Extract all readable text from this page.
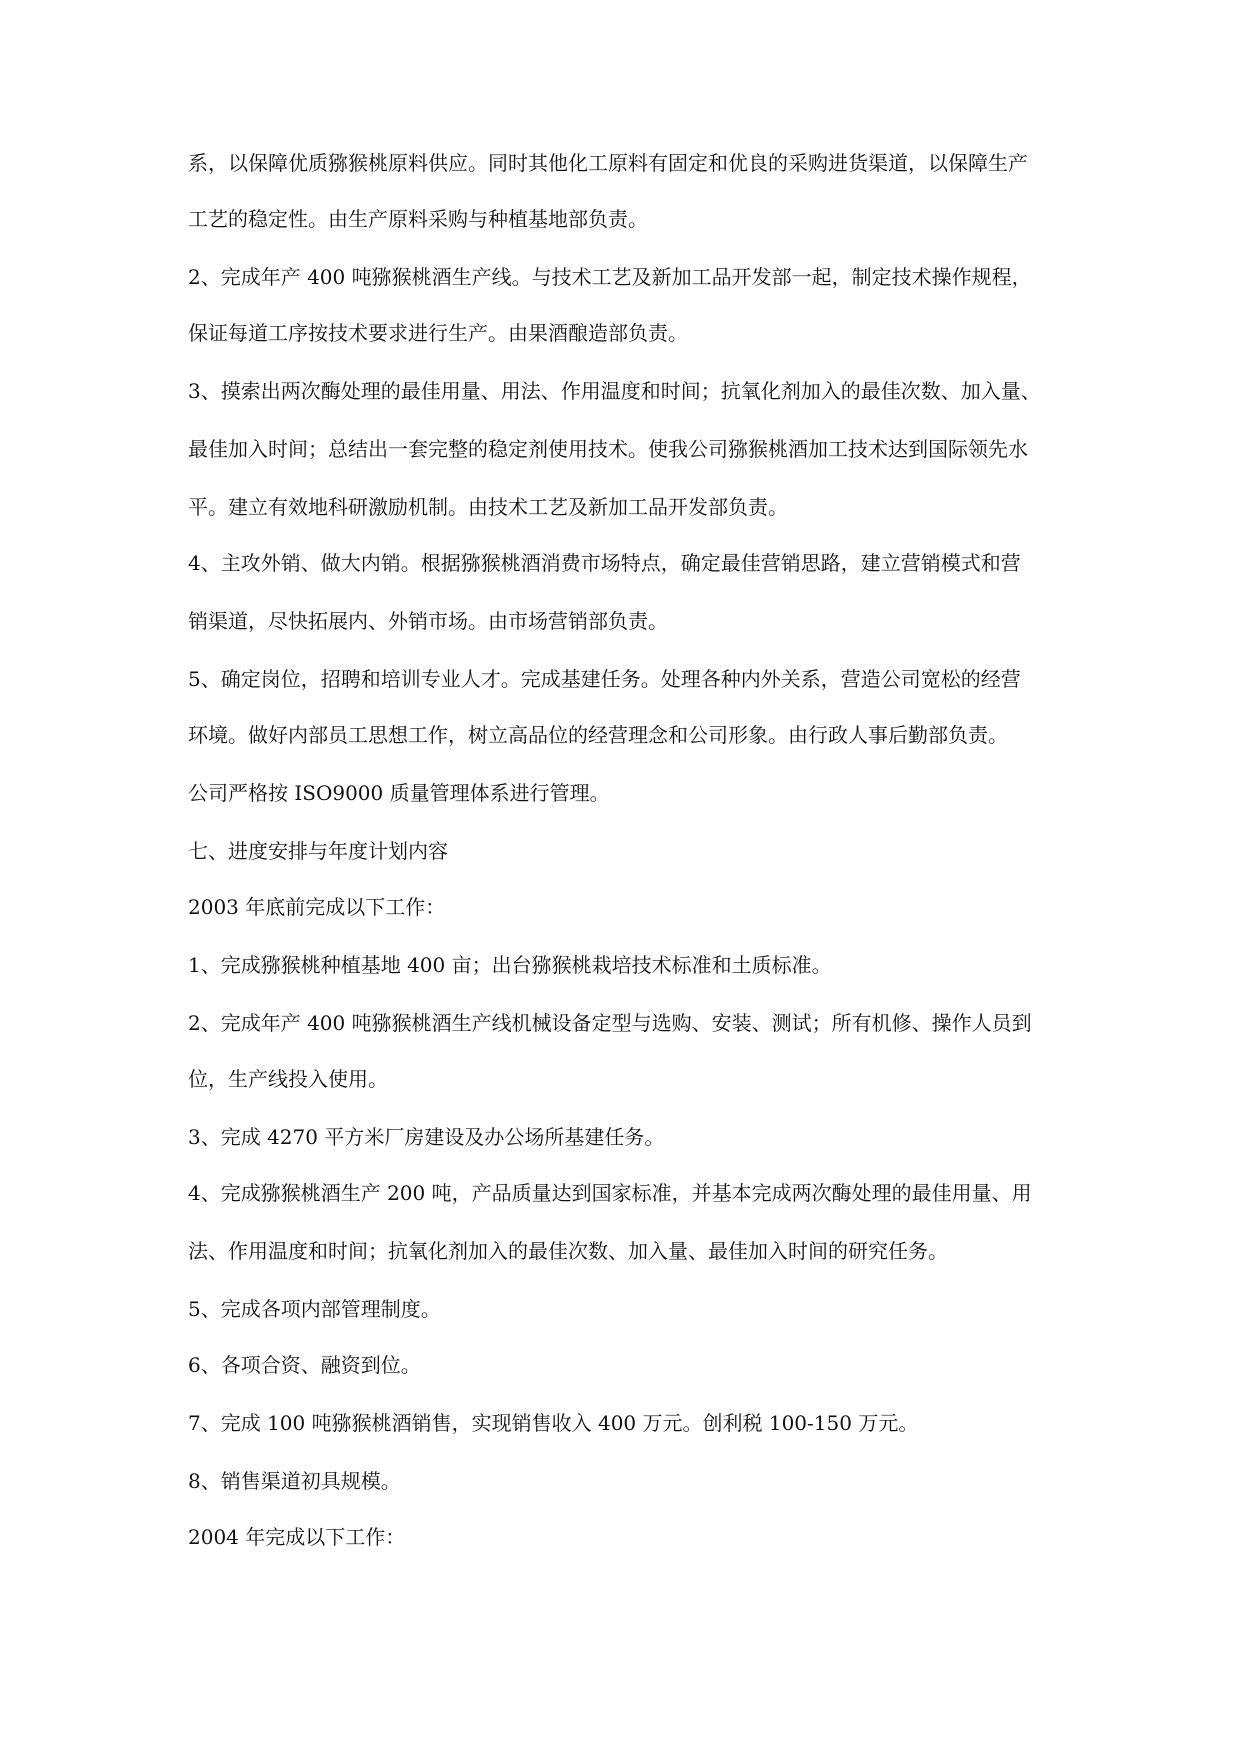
系，以保障优质猕猴桃原料供应。同时其他化工原料有固定和优良的采购进货渠道，以保障生产

工艺的稳定性。由生产原料采购与种植基地部负责。

2、完成年产 400 吨猕猴桃酒生产线。与技术工艺及新加工品开发部一起，制定技术操作规程，

保证每道工序按技术要求进行生产。由果酒酿造部负责。

3、摸索出两次酶处理的最佳用量、用法、作用温度和时间；抗氧化剂加入的最佳次数、加入量、

最佳加入时间；总结出一套完整的稳定剂使用技术。使我公司猕猴桃酒加工技术达到国际领先水

平。建立有效地科研激励机制。由技术工艺及新加工品开发部负责。

4、主攻外销、做大内销。根据猕猴桃酒消费市场特点，确定最佳营销思路，建立营销模式和营

销渠道，尽快拓展内、外销市场。由市场营销部负责。

5、确定岗位，招聘和培训专业人才。完成基建任务。处理各种内外关系，营造公司宽松的经营

环境。做好内部员工思想工作，树立高品位的经营理念和公司形象。由行政人事后勤部负责。

公司严格按 ISO9000 质量管理体系进行管理。

七、进度安排与年度计划内容

2003 年底前完成以下工作：

1、完成猕猴桃种植基地 400 亩；出台猕猴桃栽培技术标准和土质标准。

2、完成年产 400 吨猕猴桃酒生产线机械设备定型与选购、安装、测试；所有机修、操作人员到

位，生产线投入使用。

3、完成 4270 平方米厂房建设及办公场所基建任务。

4、完成猕猴桃酒生产 200 吨，产品质量达到国家标准，并基本完成两次酶处理的最佳用量、用

法、作用温度和时间；抗氧化剂加入的最佳次数、加入量、最佳加入时间的研究任务。

5、完成各项内部管理制度。

6、各项合资、融资到位。

7、完成 100 吨猕猴桃酒销售，实现销售收入 400 万元。创利税 100-150 万元。

8、销售渠道初具规模。

2004 年完成以下工作：
